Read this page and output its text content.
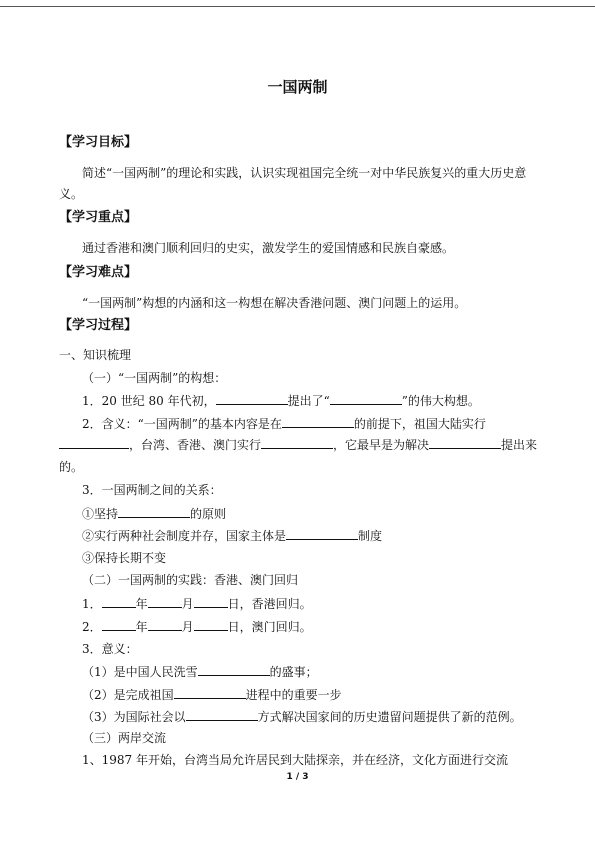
一国两制
【学习目标】
简述“一国两制”的理论和实践，认识实现祖国完全统一对中华民族复兴的重大历史意
义。
【学习重点】
通过香港和澳门顺利回归的史实，激发学生的爱国情感和民族自豪感。
【学习难点】
“一国两制”构想的内涵和这一构想在解决香港问题、澳门问题上的运用。
【学习过程】
一、知识梳理
（一）“一国两制”的构想：
1．20 世纪 80 年代初，	提出了“	”的伟大构想。
2．含义：“一国两制”的基本内容是在	的前提下，祖国大陆实行
，台湾、香港、澳门实行	，它最早是为解决	提出来
的。
3．一国两制之间的关系：
①坚持	的原则
②实行两种社会制度并存，国家主体是	制度
③保持长期不变
（二）一国两制的实践：香港、澳门回归
1．	年	月	日，香港回归。
2．	年	月	日，澳门回归。
3．意义：
（1）是中国人民洗雪	的盛事；
（2）是完成祖国	进程中的重要一步
（3）为国际社会以	方式解决国家间的历史遗留问题提供了新的范例。
（三）两岸交流
1、1987 年开始，台湾当局允许居民到大陆探亲，并在经济，文化方面进行交流
1 / 3
